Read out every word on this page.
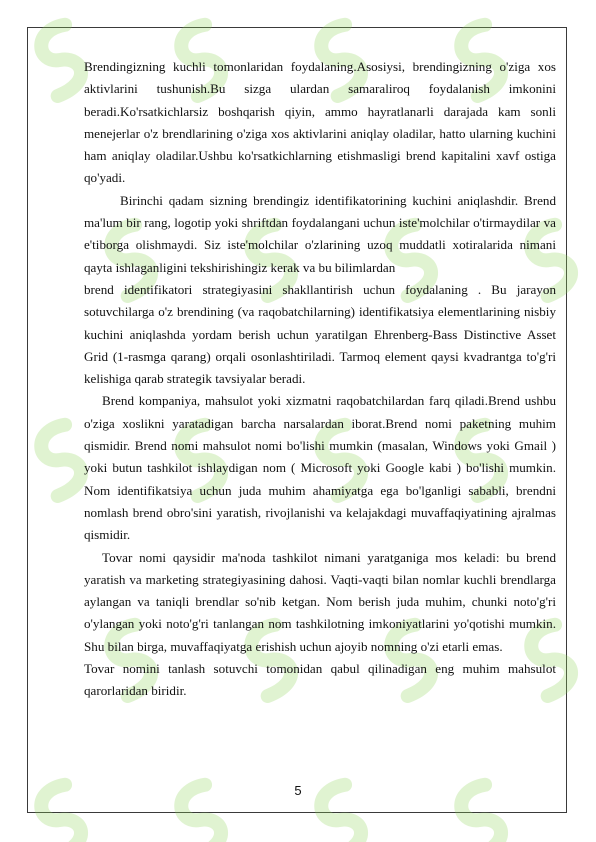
Brendingizning kuchli tomonlaridan foydalaning.Asosiysi, brendingizning o'ziga xos aktivlarini tushunish.Bu sizga ulardan samaraliroq foydalanish imkonini beradi.Ko'rsatkichlarsiz boshqarish qiyin, ammo hayratlanarli darajada kam sonli menejerlar o'z brendlarining o'ziga xos aktivlarini aniqlay oladilar, hatto ularning kuchini ham aniqlay oladilar.Ushbu ko'rsatkichlarning etishmasligi brend kapitalini xavf ostiga qo'yadi.

Birinchi qadam sizning brendingiz identifikatorining kuchini aniqlashdir. Brend ma'lum bir rang, logotip yoki shriftdan foydalangani uchun iste'molchilar o'tirmaydilar va e'tiborga olishmaydi. Siz iste'molchilar o'zlarining uzoq muddatli xotiralarida nimani qayta ishlaganligini tekshirishingiz kerak va bu bilimlardan

brend identifikatori strategiyasini shakllantirish uchun foydalaning . Bu jarayon sotuvchilarga o'z brendining (va raqobatchilarning) identifikatsiya elementlarining nisbiy kuchini aniqlashda yordam berish uchun yaratilgan Ehrenberg-Bass Distinctive Asset Grid (1-rasmga qarang) orqali osonlashtiriladi. Tarmoq element qaysi kvadrantga to'g'ri kelishiga qarab strategik tavsiyalar beradi.

Brend kompaniya, mahsulot yoki xizmatni raqobatchilardan farq qiladi.Brend ushbu o'ziga xoslikni yaratadigan barcha narsalardan iborat.Brend nomi paketning muhim qismidir. Brend nomi mahsulot nomi bo'lishi mumkin (masalan, Windows yoki Gmail ) yoki butun tashkilot ishlaydigan nom ( Microsoft yoki Google kabi ) bo'lishi mumkin. Nom identifikatsiya uchun juda muhim ahamiyatga ega bo'lganligi sababli, brendni nomlash brend obro'sini yaratish, rivojlanishi va kelajakdagi muvaffaqiyatining ajralmas qismidir.

Tovar nomi qaysidir ma'noda tashkilot nimani yaratganiga mos keladi: bu brend yaratish va marketing strategiyasining dahosi. Vaqti-vaqti bilan nomlar kuchli brendlarga aylangan va taniqli brendlar so'nib ketgan. Nom berish juda muhim, chunki noto'g'ri o'ylangan yoki noto'g'ri tanlangan nom tashkilotning imkoniyatlarini yo'qotishi mumkin. Shu bilan birga, muvaffaqiyatga erishish uchun ajoyib nomning o'zi etarli emas.

Tovar nomini tanlash sotuvchi tomonidan qabul qilinadigan eng muhim mahsulot qarorlaridan biridir.

5
